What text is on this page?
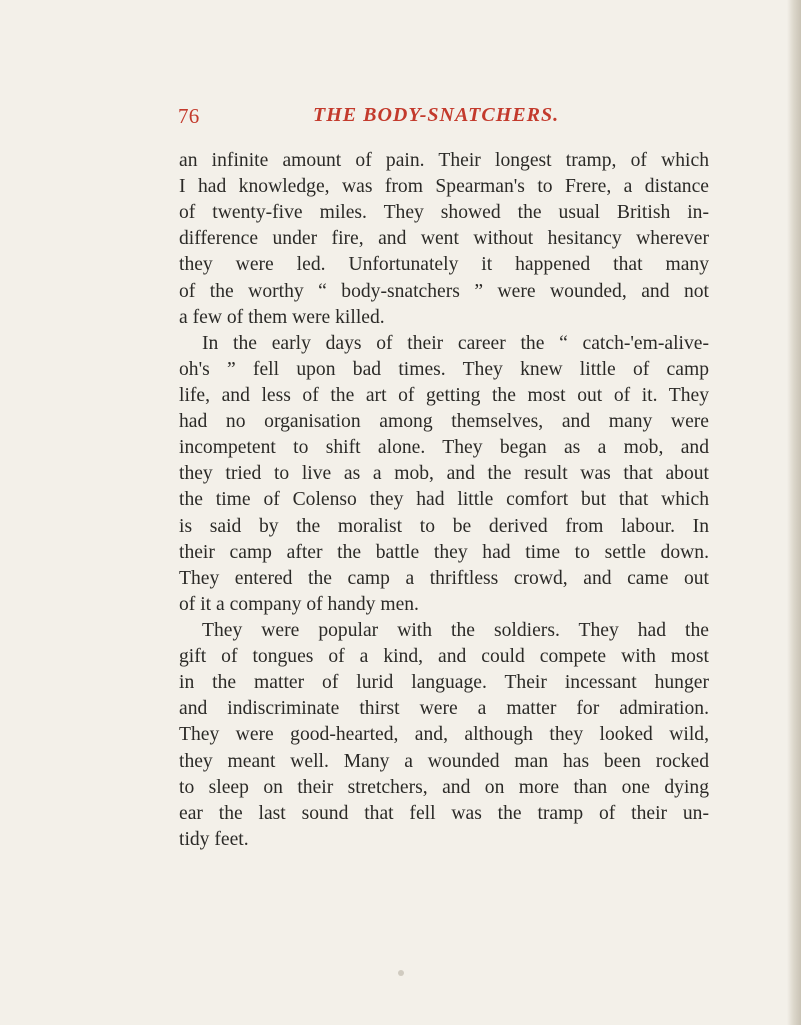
76	THE BODY-SNATCHERS.
an infinite amount of pain. Their longest tramp, of which
I had knowledge, was from Spearman's to Frere, a distance
of twenty-five miles. They showed the usual British in-
difference under fire, and went without hesitancy wherever
they were led. Unfortunately it happened that many
of the worthy “ body-snatchers ” were wounded, and not
a few of them were killed.
In the early days of their career the “ catch-'em-alive-
oh's ” fell upon bad times. They knew little of camp
life, and less of the art of getting the most out of it. They
had no organisation among themselves, and many were
incompetent to shift alone. They began as a mob, and
they tried to live as a mob, and the result was that about
the time of Colenso they had little comfort but that which
is said by the moralist to be derived from labour. In
their camp after the battle they had time to settle down.
They entered the camp a thriftless crowd, and came out
of it a company of handy men.
They were popular with the soldiers. They had the
gift of tongues of a kind, and could compete with most
in the matter of lurid language. Their incessant hunger
and indiscriminate thirst were a matter for admiration.
They were good-hearted, and, although they looked wild,
they meant well. Many a wounded man has been rocked
to sleep on their stretchers, and on more than one dying
ear the last sound that fell was the tramp of their un-
tidy feet.
